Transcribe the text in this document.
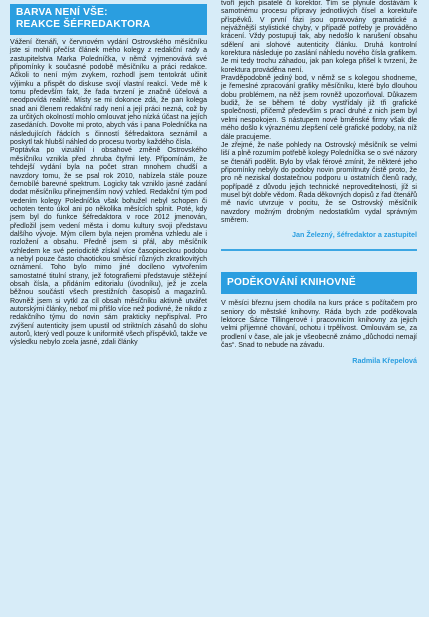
BARVA NENÍ VŠE:
REAKCE ŠÉFREDAKTORA

Vážení čtenáři, v červnovém vydání Ostrovského měsíčníku jste si mohli přečíst článek mého kolegy z redakční rady a zastupitelstva Marka Poledníčka, v němž vyjmenovává své připomínky k současné podobě měsíčníku a práci redakce. Ačkoli to není mým zvykem, rozhodl jsem tentokrát učinit výjimku a přispět do diskuse svojí vlastní reakcí. Vede mě k tomu především fakt, že řada tvrzení je značně účelová a neodpovídá realitě. Místy se mi dokonce zdá, že pan kolega snad ani členem redakční rady není a její práci nezná, což by za určitých okolností mohlo omlouvat jeho nízká účast na jejích zasedáních. Dovolte mi proto, abych vás i pana Poledníčka na následujících řádcích s činností šéfredaktora seznámil a poskytl tak hlubší náhled do procesu tvorby každého čísla.

Poptávka po vizuální i obsahové změně Ostrovského měsíčníku vznikla před zhruba čtyřmi lety. Připomínám, že tehdejší vydání byla na počet stran mnohem chudší a navzdory tomu, že se psal rok 2010, nabízela stále pouze černobílé barevné spektrum. Logicky tak vzniklo jasné zadání dodat měsíčníku přinejmenším nový vzhled. Redakční tým pod vedením kolegy Poledníčka však bohužel nebyl schopen či ochoten tento úkol ani po několika měsících splnit. Poté, kdy jsem byl do funkce šéfredaktora v roce 2012 jmenován, předložil jsem vedení města i domu kultury svoji představu dalšího vývoje. Mým cílem byla nejen proměna vzhledu ale i rozložení a obsahu. Předně jsem si přál, aby měsíčník vzhledem ke své periodicitě získal více časopiseckou podobu a nebyl pouze často chaotickou směsicí různých zkratkovitých oznámení. Toho bylo mimo jiné docíleno vytvořením samostatné titulní strany, jež fotografiemi představuje stěžejní obsah čísla, a přidáním editorialu (úvodníku), jež je zcela běžnou součástí všech prestižních časopisů a magazínů. Rovněž jsem si vytkl za cíl obsah měsíčníku aktivně utvářet autorskými články, neboť mi přišlo více než podivné, že nikdo z redakčního týmu do novin sám prakticky nepřispíval. Pro zvýšení autenticity jsem upustil od striktních zásahů do slohu autorů, který vedl pouze k uniformitě všech příspěvků, takže ve výsledku nebylo zcela jasné, zdali články

tvoří jejich pisatelé či korektor. Tím se plynule dostávám k samotnému procesu přípravy jednotlivých čísel a korektuře příspěvků. V první fázi jsou opravovány gramatické a nejvážnější stylistické chyby, v případě potřeby je prováděno krácení. Vždy postupuji tak, aby nedošlo k narušení obsahu sdělení ani slohové autenticity článku. Druhá kontrolní korektura následuje po zaslání náhledu nového čísla grafikem. Je mi tedy trochu záhadou, jak pan kolega přišel k tvrzení, že korektura prováděna není.

Pravděpodobně jediný bod, v němž se s kolegou shodneme, je řemeslné zpracování grafiky měsíčníku, které bylo dlouhou dobu problémem, na něž jsem rovněž upozorňoval. Důkazem budiž, že se během té doby vystřídaly již tři grafické společnosti, přičemž především s prací druhé z nich jsem byl velmi nespokojen. S nástupem nové brněnské firmy však dle mého došlo k výraznému zlepšení celé grafické podoby, na níž dále pracujeme.

Je zřejmé, že naše pohledy na Ostrovský měsíčník se velmi liší a plně rozumím potřebě kolegy Poledníčka se o své názory se čtenáři podělit. Bylo by však férové zmínit, že některé jeho připomínky nebyly do podoby novin promítnuty čistě proto, že pro ně neziskal dostatečnou podporu u ostatních členů rady, popřípadě z důvodu jejich technické neproveditelnosti, jíž si musel být dobře vědom. Řada děkovných dopisů z řad čtenářů mě navíc utvrzuje v pocitu, že se Ostrovský měsíčník navzdory možným drobným nedostatkům vydal správným směrem.

Jan Železný, šéfredaktor a zastupitel
PODĚKOVÁNÍ KNIHOVNĚ

V měsíci březnu jsem chodila na kurs práce s počítačem pro seniory do městské knihovny. Ráda bych zde poděkovala lektorce Šárce Tillingerové i pracovnicím knihovny za jejich velmi příjemné chování, ochotu i trpělivost. Omlouvám se, za prodlení v čase, ale jak je všeobecně známo „důchodci nemají čas“. Snad to nebude na závadu.

Radmila Křepelová
